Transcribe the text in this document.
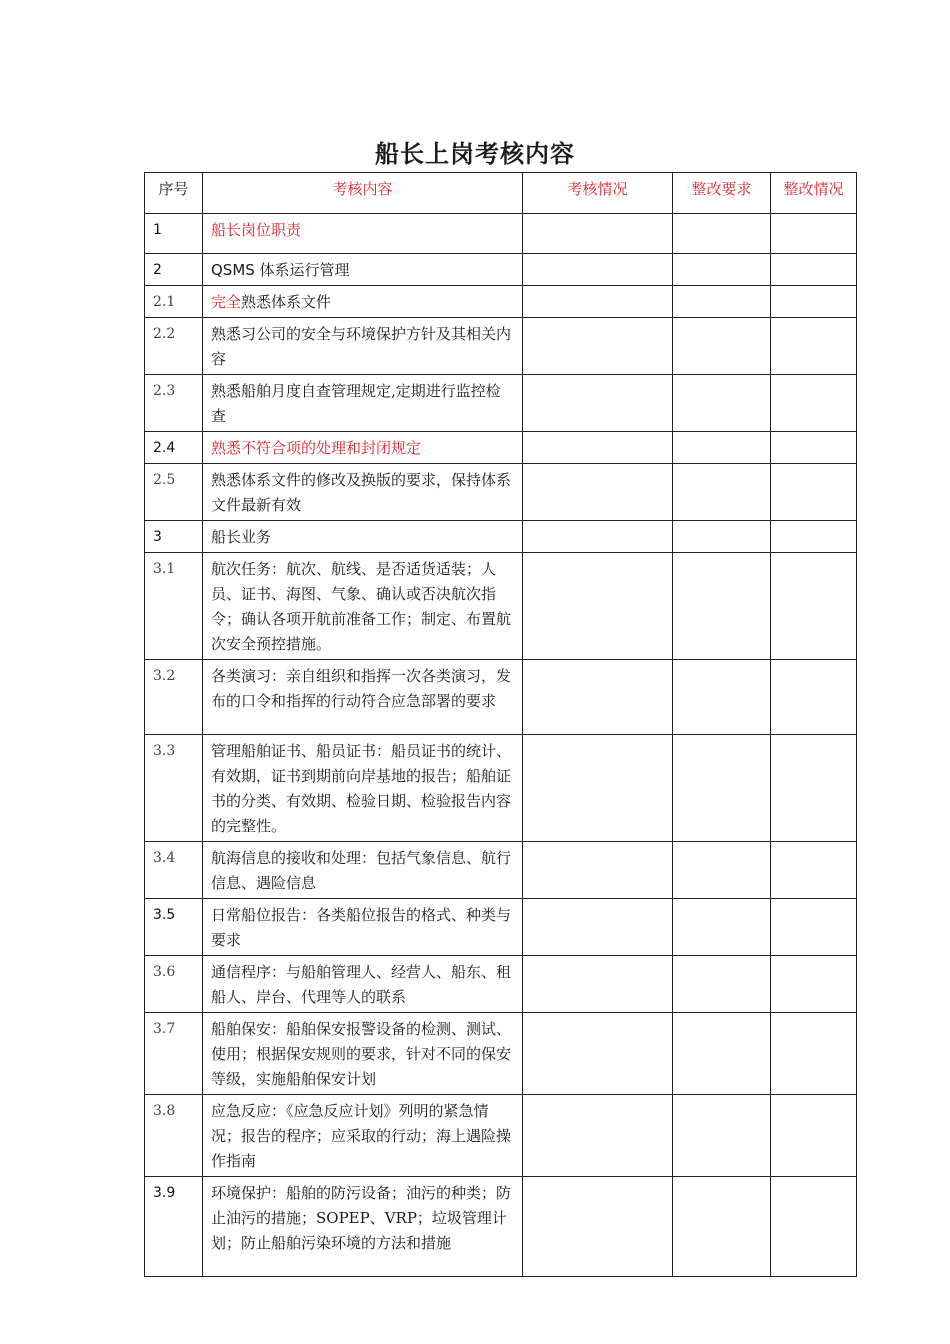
船长上岗考核内容
序号	考核内容	考核情况	整改要求	整改情况
1	船长岗位职责			
2	QSMS 体系运行管理			
2.1	完全熟悉体系文件			
2.2	熟悉习公司的安全与环境保护方针及其相关内容			
2.3	熟悉船舶月度自查管理规定,定期进行监控检查			
2.4	熟悉不符合项的处理和封闭规定			
2.5	熟悉体系文件的修改及换版的要求，保持体系文件最新有效			
3	船长业务			
3.1	航次任务：航次、航线、是否适货适装；人员、证书、海图、气象、确认或否决航次指令；确认各项开航前准备工作；制定、布置航次安全预控措施。			
3.2	各类演习：亲自组织和指挥一次各类演习，发布的口令和指挥的行动符合应急部署的要求			
3.3	管理船舶证书、船员证书：船员证书的统计、有效期，证书到期前向岸基地的报告；船舶证书的分类、有效期、检验日期、检验报告内容的完整性。			
3.4	航海信息的接收和处理：包括气象信息、航行信息、遇险信息			
3.5	日常船位报告：各类船位报告的格式、种类与要求			
3.6	通信程序：与船舶管理人、经营人、船东、租船人、岸台、代理等人的联系			
3.7	船舶保安：船舶保安报警设备的检测、测试、使用；根据保安规则的要求，针对不同的保安等级，实施船舶保安计划			
3.8	应急反应：《应急反应计划》列明的紧急情况；报告的程序；应采取的行动；海上遇险操作指南			
3.9	环境保护：船舶的防污设备；油污的种类；防止油污的措施；SOPEP、VRP；垃圾管理计划；防止船舶污染环境的方法和措施			
